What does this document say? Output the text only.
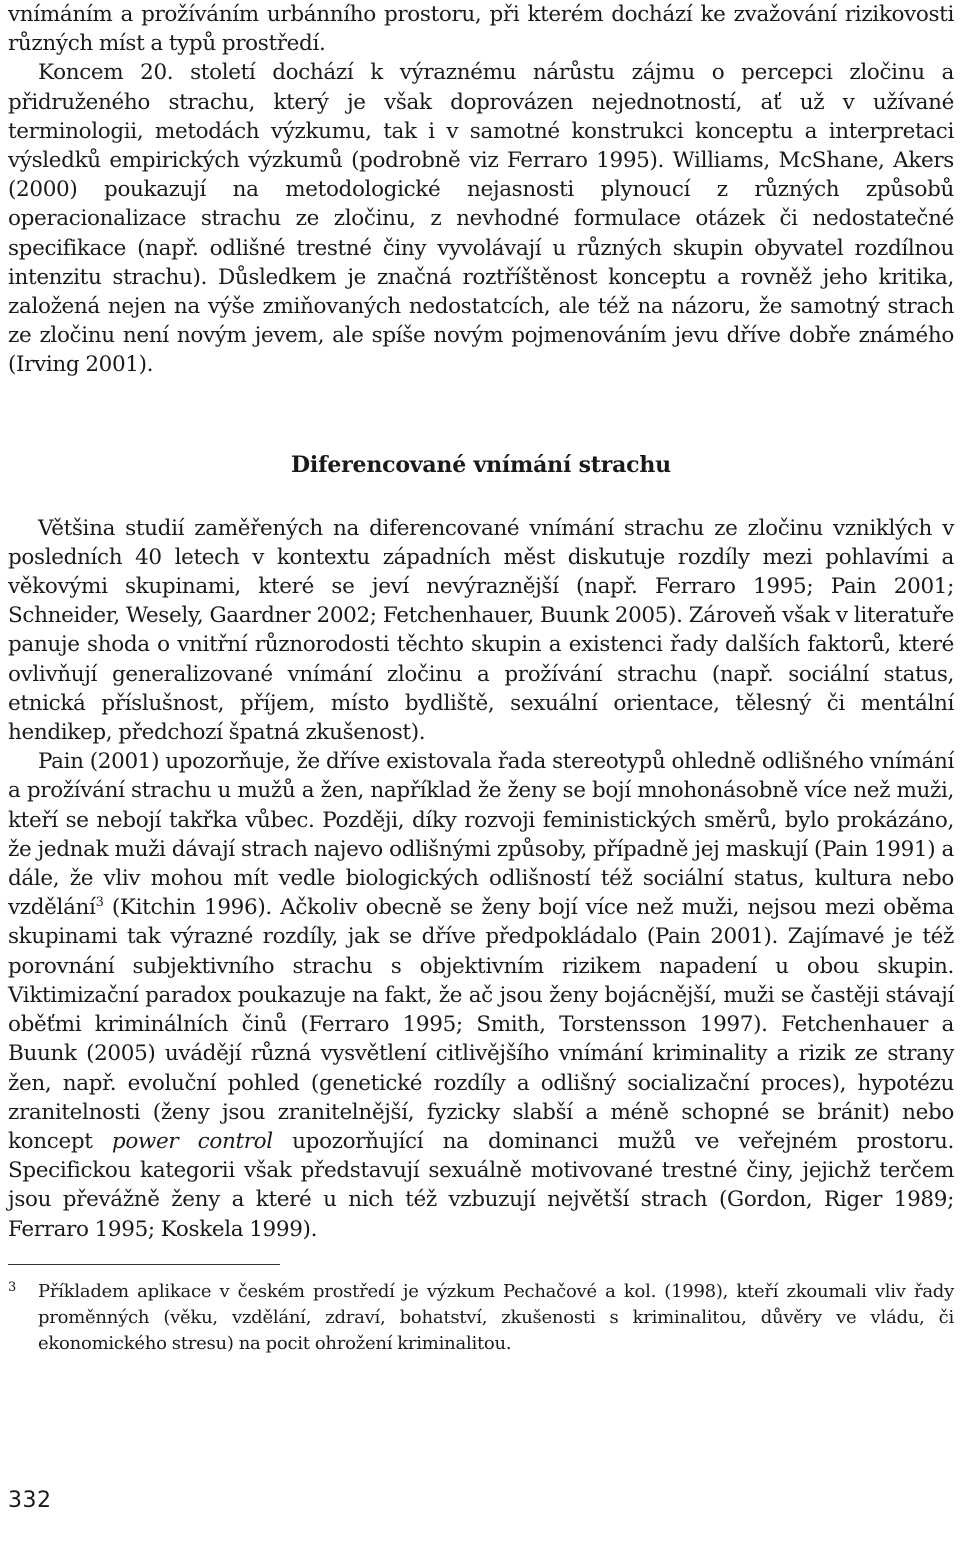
vnímáním a prožíváním urbánního prostoru, při kterém dochází ke zvažování rizikovosti různých míst a typů prostředí.

Koncem 20. století dochází k výraznému nárůstu zájmu o percepci zločinu a přidruženého strachu, který je však doprovázen nejednotností, ať už v užívané terminologii, metodách výzkumu, tak i v samotné konstrukci konceptu a interpretaci výsledků empirických výzkumů (podrobně viz Ferraro 1995). Williams, McShane, Akers (2000) poukazují na metodologické nejasnosti plynoucí z různých způsobů operacionalizace strachu ze zločinu, z nevhodné formulace otázek či nedostatečné specifikace (např. odlišné trestné činy vyvolávají u různých skupin obyvatel rozdílnou intenzitu strachu). Důsledkem je značná roztříštěnost konceptu a rovněž jeho kritika, založená nejen na výše zmiňovaných nedostatcích, ale též na názoru, že samotný strach ze zločinu není novým jevem, ale spíše novým pojmenováním jevu dříve dobře známého (Irving 2001).

Diferencované vnímání strachu

Většina studií zaměřených na diferencované vnímání strachu ze zločinu vzniklých v posledních 40 letech v kontextu západních měst diskutuje rozdíly mezi pohlavími a věkovými skupinami, které se jeví nevýraznější (např. Ferraro 1995; Pain 2001; Schneider, Wesely, Gaardner 2002; Fetchenhauer, Buunk 2005). Zároveň však v literatuře panuje shoda o vnitřní různorodosti těchto skupin a existenci řady dalších faktorů, které ovlivňují generalizované vnímání zločinu a prožívání strachu (např. sociální status, etnická příslušnost, příjem, místo bydliště, sexuální orientace, tělesný či mentální hendikep, předchozí špatná zkušenost).

Pain (2001) upozorňuje, že dříve existovala řada stereotypů ohledně odlišného vnímání a prožívání strachu u mužů a žen, například že ženy se bojí mnohonásobně více než muži, kteří se nebojí takřka vůbec. Později, díky rozvoji feministických směrů, bylo prokázáno, že jednak muži dávají strach najevo odlišnými způsoby, případně jej maskují (Pain 1991) a dále, že vliv mohou mít vedle biologických odlišností též sociální status, kultura nebo vzdělání$^3$ (Kitchin 1996). Ačkoliv obecně se ženy bojí více než muži, nejsou mezi oběma skupinami tak výrazné rozdíly, jak se dříve předpokládalo (Pain 2001). Zajímavé je též porovnání subjektivního strachu s objektivním rizikem napadení u obou skupin. Viktimizační paradox poukazuje na fakt, že ač jsou ženy bojácnější, muži se častěji stávají oběťmi kriminálních činů (Ferraro 1995; Smith, Torstensson 1997). Fetchenhauer a Buunk (2005) uvádějí různá vysvětlení citlivějšího vnímání kriminality a rizik ze strany žen, např. evoluční pohled (genetické rozdíly a odlišný socializační proces), hypotézu zranitelnosti (ženy jsou zranitelnější, fyzicky slabší a méně schopné se bránit) nebo koncept power control upozorňující na dominanci mužů ve veřejném prostoru. Specifickou kategorii však představují sexuálně motivované trestné činy, jejichž terčem jsou převážně ženy a které u nich též vzbuzují největší strach (Gordon, Riger 1989; Ferraro 1995; Koskela 1999).

3 Příkladem aplikace v českém prostředí je výzkum Pechačové a kol. (1998), kteří zkoumali vliv řady proměnných (věku, vzdělání, zdraví, bohatství, zkušenosti s kriminalitou, důvěry ve vládu, či ekonomického stresu) na pocit ohrožení kriminalitou.
332
